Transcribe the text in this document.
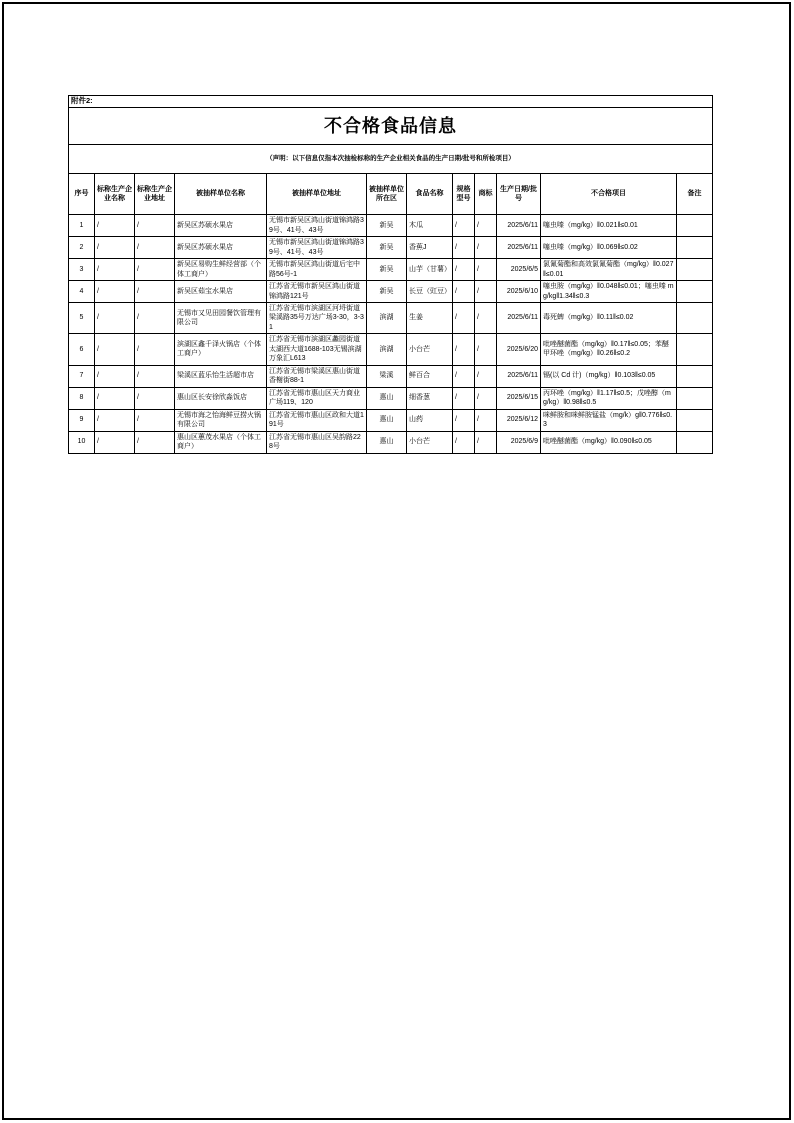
附件2:											
不合格食品信息											
（声明：以下信息仅指本次抽检标称的生产企业相关食品的生产日期/批号和所检项目）											
序号	标称生产企业名称	标称生产企业地址	被抽样单位名称	被抽样单位地址	被抽样单位所在区	食品名称	规格型号	商标	生产日期/批号	不合格项目	备注
1	/	/	新吴区苏硕水果店	无锡市新吴区鸿山街道锦鸿路39号、41号、43号	新吴	木瓜	/	/	2025/6/11	噻虫嗪（mg/kg）‖0.021‖≤0.01	
2	/	/	新吴区苏硕水果店	无锡市新吴区鸿山街道锦鸿路39号、41号、43号	新吴	香蕉J	/	/	2025/6/11	噻虫嗪（mg/kg）‖0.069‖≤0.02	
3	/	/	新吴区易购生鲜经营部（个体工商户）	无锡市新吴区鸿山街道后宅中路56号-1	新吴	山芋（甘薯）	/	/	2025/6/5	氯氰菊酯和高效氯氰菊酯（mg/kg）‖0.027‖≤0.01	
4	/	/	新吴区茹宝水果店	江苏省无锡市新吴区鸿山街道锦鸿路121号	新吴	长豆（豇豆）	/	/	2025/6/10	噻虫胺（mg/kg）‖0.048‖≤0.01；噻虫嗪 mg/kg‖1.34‖≤0.3	
5	/	/	无锡市又见田园餐饮管理有限公司	江苏省无锡市滨湖区河埒街道梁溪路35号万达广场3-30，3-31	滨湖	生姜	/	/	2025/6/11	毒死蜱（mg/kg）‖0.11‖≤0.02	
6	/	/	滨湖区鑫千泽火锅店（个体工商户）	江苏省无锡市滨湖区蠡园街道太湖西大道1688-103无锡滨湖万象汇L613	滨湖	小台芒	/	/	2025/6/20	吡唑醚菌酯（mg/kg）‖0.17‖≤0.05；苯醚甲环唑（mg/kg）‖0.26‖≤0.2	
7	/	/	梁溪区蓝乐怡生活超市店	江苏省无锡市梁溪区惠山街道香榭街88-1	梁溪	鲜百合	/	/	2025/6/11	镉(以 Cd 计)（mg/kg）‖0.103‖≤0.05	
8	/	/	惠山区长安徐欣淼饭店	江苏省无锡市惠山区天力商业广场119、120	惠山	细香葱	/	/	2025/6/15	丙环唑（mg/kg）‖1.17‖≤0.5；戊唑醇（mg/kg）‖0.98‖≤0.5	
9	/	/	无锡市海之怡海鲜豆捞火锅有限公司	江苏省无锡市惠山区政和大道191号	惠山	山药	/	/	2025/6/12	咪鲜胺和咪鲜胺锰盐（mg/k）g‖0.776‖≤0.3	
10	/	/	惠山区蕙茂水果店（个体工商户）	江苏省无锡市惠山区吴韵路228号	惠山	小台芒	/	/	2025/6/9	吡唑醚菌酯（mg/kg）‖0.090‖≤0.05	
